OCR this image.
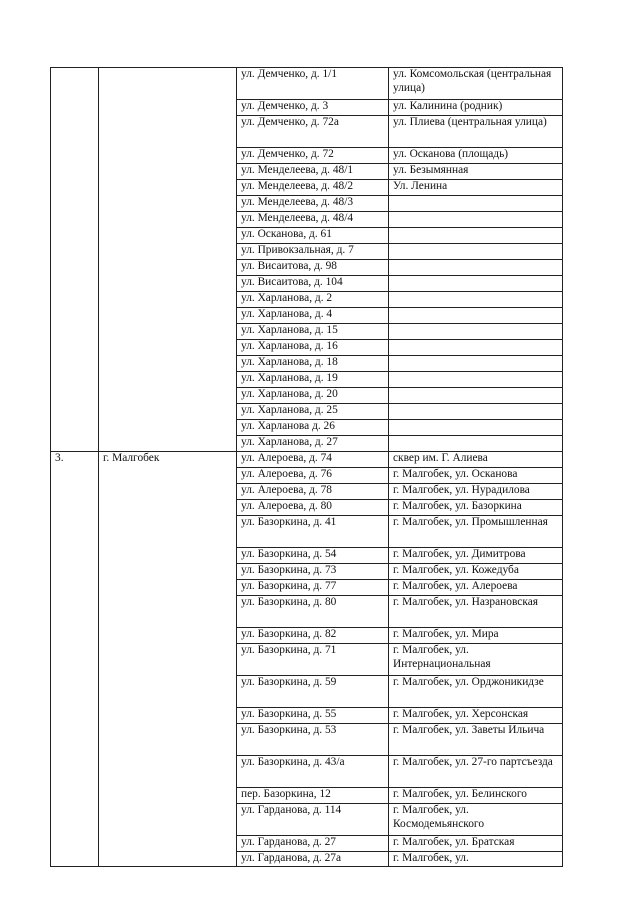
		ул. Демченко, д. 1/1	ул. Комсомольская (центральная улица)
		ул. Демченко, д. 3	ул. Калинина (родник)
		ул. Демченко, д. 72а	ул. Плиева (центральная улица)
		ул. Демченко, д. 72	ул. Осканова (площадь)
		ул. Менделеева, д. 48/1	ул. Безымянная
		ул. Менделеева, д. 48/2	Ул. Ленина
		ул. Менделеева, д. 48/3	
		ул. Менделеева, д. 48/4	
		ул. Осканова, д. 61	
		ул. Привокзальная, д. 7	
		ул. Висаитова, д. 98	
		ул. Висаитова, д. 104	
		ул. Харланова, д. 2	
		ул. Харланова, д. 4	
		ул. Харланова, д. 15	
		ул. Харланова, д. 16	
		ул. Харланова, д. 18	
		ул. Харланова, д. 19	
		ул. Харланова, д. 20	
		ул. Харланова, д. 25	
		ул. Харланова д. 26	
		ул. Харланова, д. 27	
3.	г. Малгобек	ул. Алероева, д. 74	сквер им. Г. Алиева
		ул. Алероева, д. 76	г. Малгобек, ул. Осканова
		ул. Алероева, д. 78	г. Малгобек, ул. Нурадилова
		ул. Алероева, д. 80	г. Малгобек, ул. Базоркина
		ул. Базоркина, д. 41	г. Малгобек, ул. Промышленная
		ул. Базоркина, д. 54	г. Малгобек, ул. Димитрова
		ул. Базоркина, д. 73	г. Малгобек, ул. Кожедуба
		ул. Базоркина, д. 77	г. Малгобек, ул. Алероева
		ул. Базоркина, д. 80	г. Малгобек, ул. Назрановская
		ул. Базоркина, д. 82	г. Малгобек, ул. Мира
		ул. Базоркина, д. 71	г. Малгобек, ул. Интернациональная
		ул. Базоркина, д. 59	г. Малгобек, ул. Орджоникидзе
		ул. Базоркина, д. 55	г. Малгобек, ул. Херсонская
		ул. Базоркина, д. 53	г. Малгобек, ул. Заветы Ильича
		ул. Базоркина, д. 43/а	г. Малгобек, ул. 27-го партсъезда
		пер. Базоркина, 12	г. Малгобек, ул. Белинского
		ул. Гарданова, д. 114	г. Малгобек, ул. Космодемьянского
		ул. Гарданова, д. 27	г. Малгобек, ул. Братская
		ул. Гарданова, д. 27а	г. Малгобек, ул.
